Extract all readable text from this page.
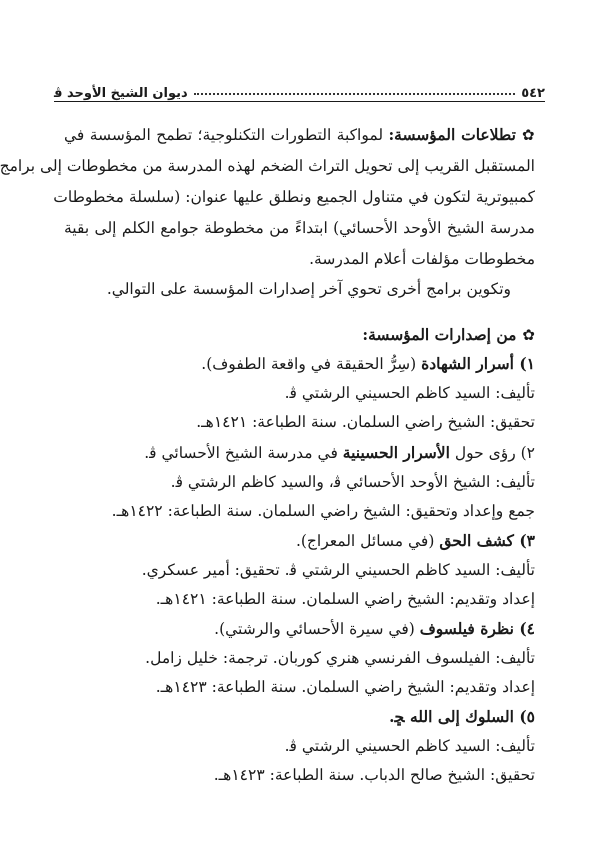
٥٤٢
ديوان الشيخ الأوحد ﭬ
✿تطلاعات المؤسسة: لمواكبة التطورات التكنلوجية؛ تطمح المؤسسة في
المستقبل القريب إلى تحويل التراث الضخم لهذه المدرسة من مخطوطات إلى برامج
كمبيوترية لتكون في متناول الجميع ونطلق عليها عنوان: (سلسلة مخطوطات
مدرسة الشيخ الأوحد الأحسائي) ابتداءً من مخطوطة جوامع الكلم إلى بقية
مخطوطات مؤلفات أعلام المدرسة.
وتكوين برامج أخرى تحوي آخر إصدارات المؤسسة على التوالي.
✿من إصدارات المؤسسة:
١) أسرار الشهادة (سِرُّ الحقيقة في واقعة الطفوف).
تأليف: السيد كاظم الحسيني الرشتي ﭬ.
تحقيق: الشيخ راضي السلمان. سنة الطباعة: ١٤٢١هـ.
٢) رؤى حول الأسرار الحسينية في مدرسة الشيخ الأحسائي ﭬ.
تأليف: الشيخ الأوحد الأحسائي ﭬ، والسيد كاظم الرشتي ﭬ.
جمع وإعداد وتحقيق: الشيخ راضي السلمان. سنة الطباعة: ١٤٢٢هـ.
٣) كشف الحق (في مسائل المعراج).
تأليف: السيد كاظم الحسيني الرشتي ﭬ. تحقيق: أمير عسكري.
إعداد وتقديم: الشيخ راضي السلمان. سنة الطباعة: ١٤٢١هـ.
٤) نظرة فيلسوف (في سيرة الأحسائي والرشتي).
تأليف: الفيلسوف الفرنسي هنري كوربان. ترجمة: خليل زامل.
إعداد وتقديم: الشيخ راضي السلمان. سنة الطباعة: ١٤٢٣هـ.
٥) السلوك إلى الله ﮁ.
تأليف: السيد كاظم الحسيني الرشتي ﭬ.
تحقيق: الشيخ صالح الدباب. سنة الطباعة: ١٤٢٣هـ.
